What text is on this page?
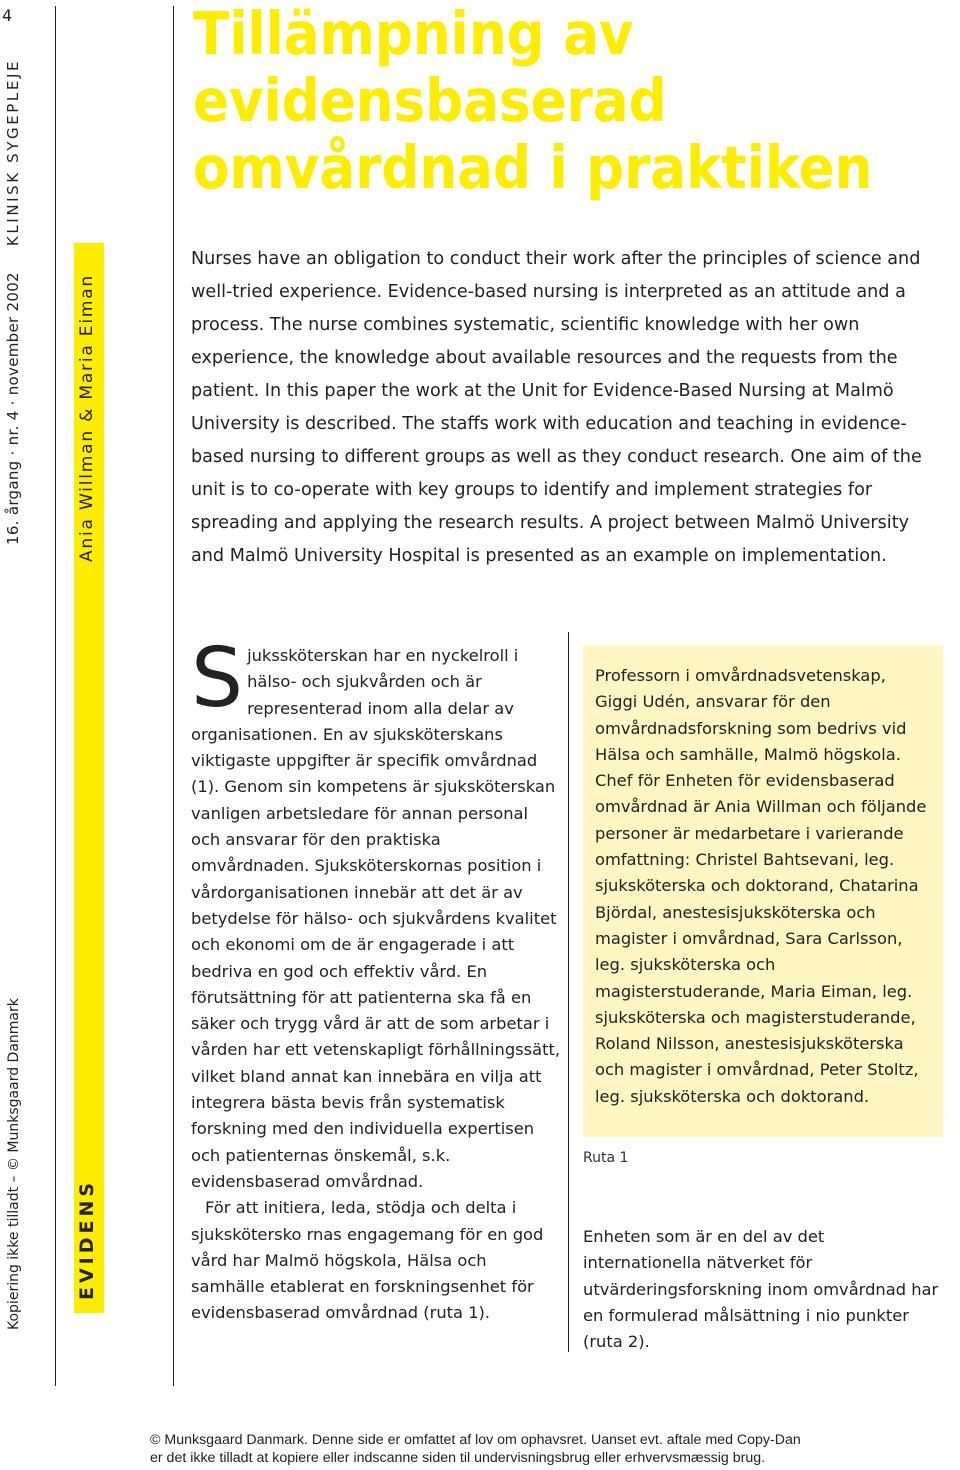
4
16. årgang · nr. 4 · november 2002KLINISK SYGEPLEJE
Kopiering ikke tilladt – © Munksgaard Danmark
Ania Willman & Maria Eiman
EVIDENS
Tillämpning av evidensbaserad omvårdnad i praktiken

Nurses have an obligation to conduct their work after the principles of science and well-tried experience. Evidence-based nursing is interpreted as an attitude and a process. The nurse combines systematic, scientific knowledge with her own experience, the knowledge about available resources and the requests from the patient. In this paper the work at the Unit for Evidence-Based Nursing at Malmö University is described. The staffs work with education and teaching in evidence-based nursing to different groups as well as they conduct research. One aim of the unit is to co-operate with key groups to identify and implement strategies for spreading and applying the research results. A project between Malmö University and Malmö University Hospital is presented as an example on implementation.

Sjukssköterskan har en nyckelroll i hälso- och sjukvården och är representerad inom alla delar av organisationen. En av sjuksköterskans viktigaste uppgifter är specifik omvårdnad (1). Genom sin kompetens är sjuksköterskan vanligen arbetsledare för annan personal och ansvarar för den praktiska omvårdnaden. Sjuksköterskornas position i vårdorganisationen innebär att det är av betydelse för hälso- och sjukvårdens kvalitet och ekonomi om de är engagerade i att bedriva en god och effektiv vård. En förutsättning för att patienterna ska få en säker och trygg vård är att de som arbetar i vården har ett vetenskapligt förhållningssätt, vilket bland annat kan innebära en vilja att integrera bästa bevis från systematisk forskning med den individuella expertisen och patienternas önskemål, s.k. evidensbaserad omvårdnad.

För att initiera, leda, stödja och delta i sjukskötersko rnas engagemang för en god vård har Malmö högskola, Hälsa och samhälle etablerat en forskningsenhet för evidensbaserad omvårdnad (ruta 1).

Professorn i omvårdnadsvetenskap, Giggi Udén, ansvarar för den omvårdnadsforskning som bedrivs vid Hälsa och samhälle, Malmö högskola. Chef för Enheten för evidensbaserad omvårdnad är Ania Willman och följande personer är medarbetare i varierande omfattning: Christel Bahtsevani, leg. sjuksköterska och doktorand, Chatarina Björdal, anestesisjuksköterska och magister i omvårdnad, Sara Carlsson, leg. sjuksköterska och magisterstuderande, Maria Eiman, leg. sjuksköterska och magisterstuderande, Roland Nilsson, anestesisjuksköterska och magister i omvårdnad, Peter Stoltz, leg. sjuksköterska och doktorand.

Ruta 1

Enheten som är en del av det internationella nätverket för utvärderingsforskning inom omvårdnad har en formulerad målsättning i nio punkter (ruta 2).

© Munksgaard Danmark. Denne side er omfattet af lov om ophavsret. Uanset evt. aftale med Copy-Dan
er det ikke tilladt at kopiere eller indscanne siden til undervisningsbrug eller erhvervsmæssig brug.
